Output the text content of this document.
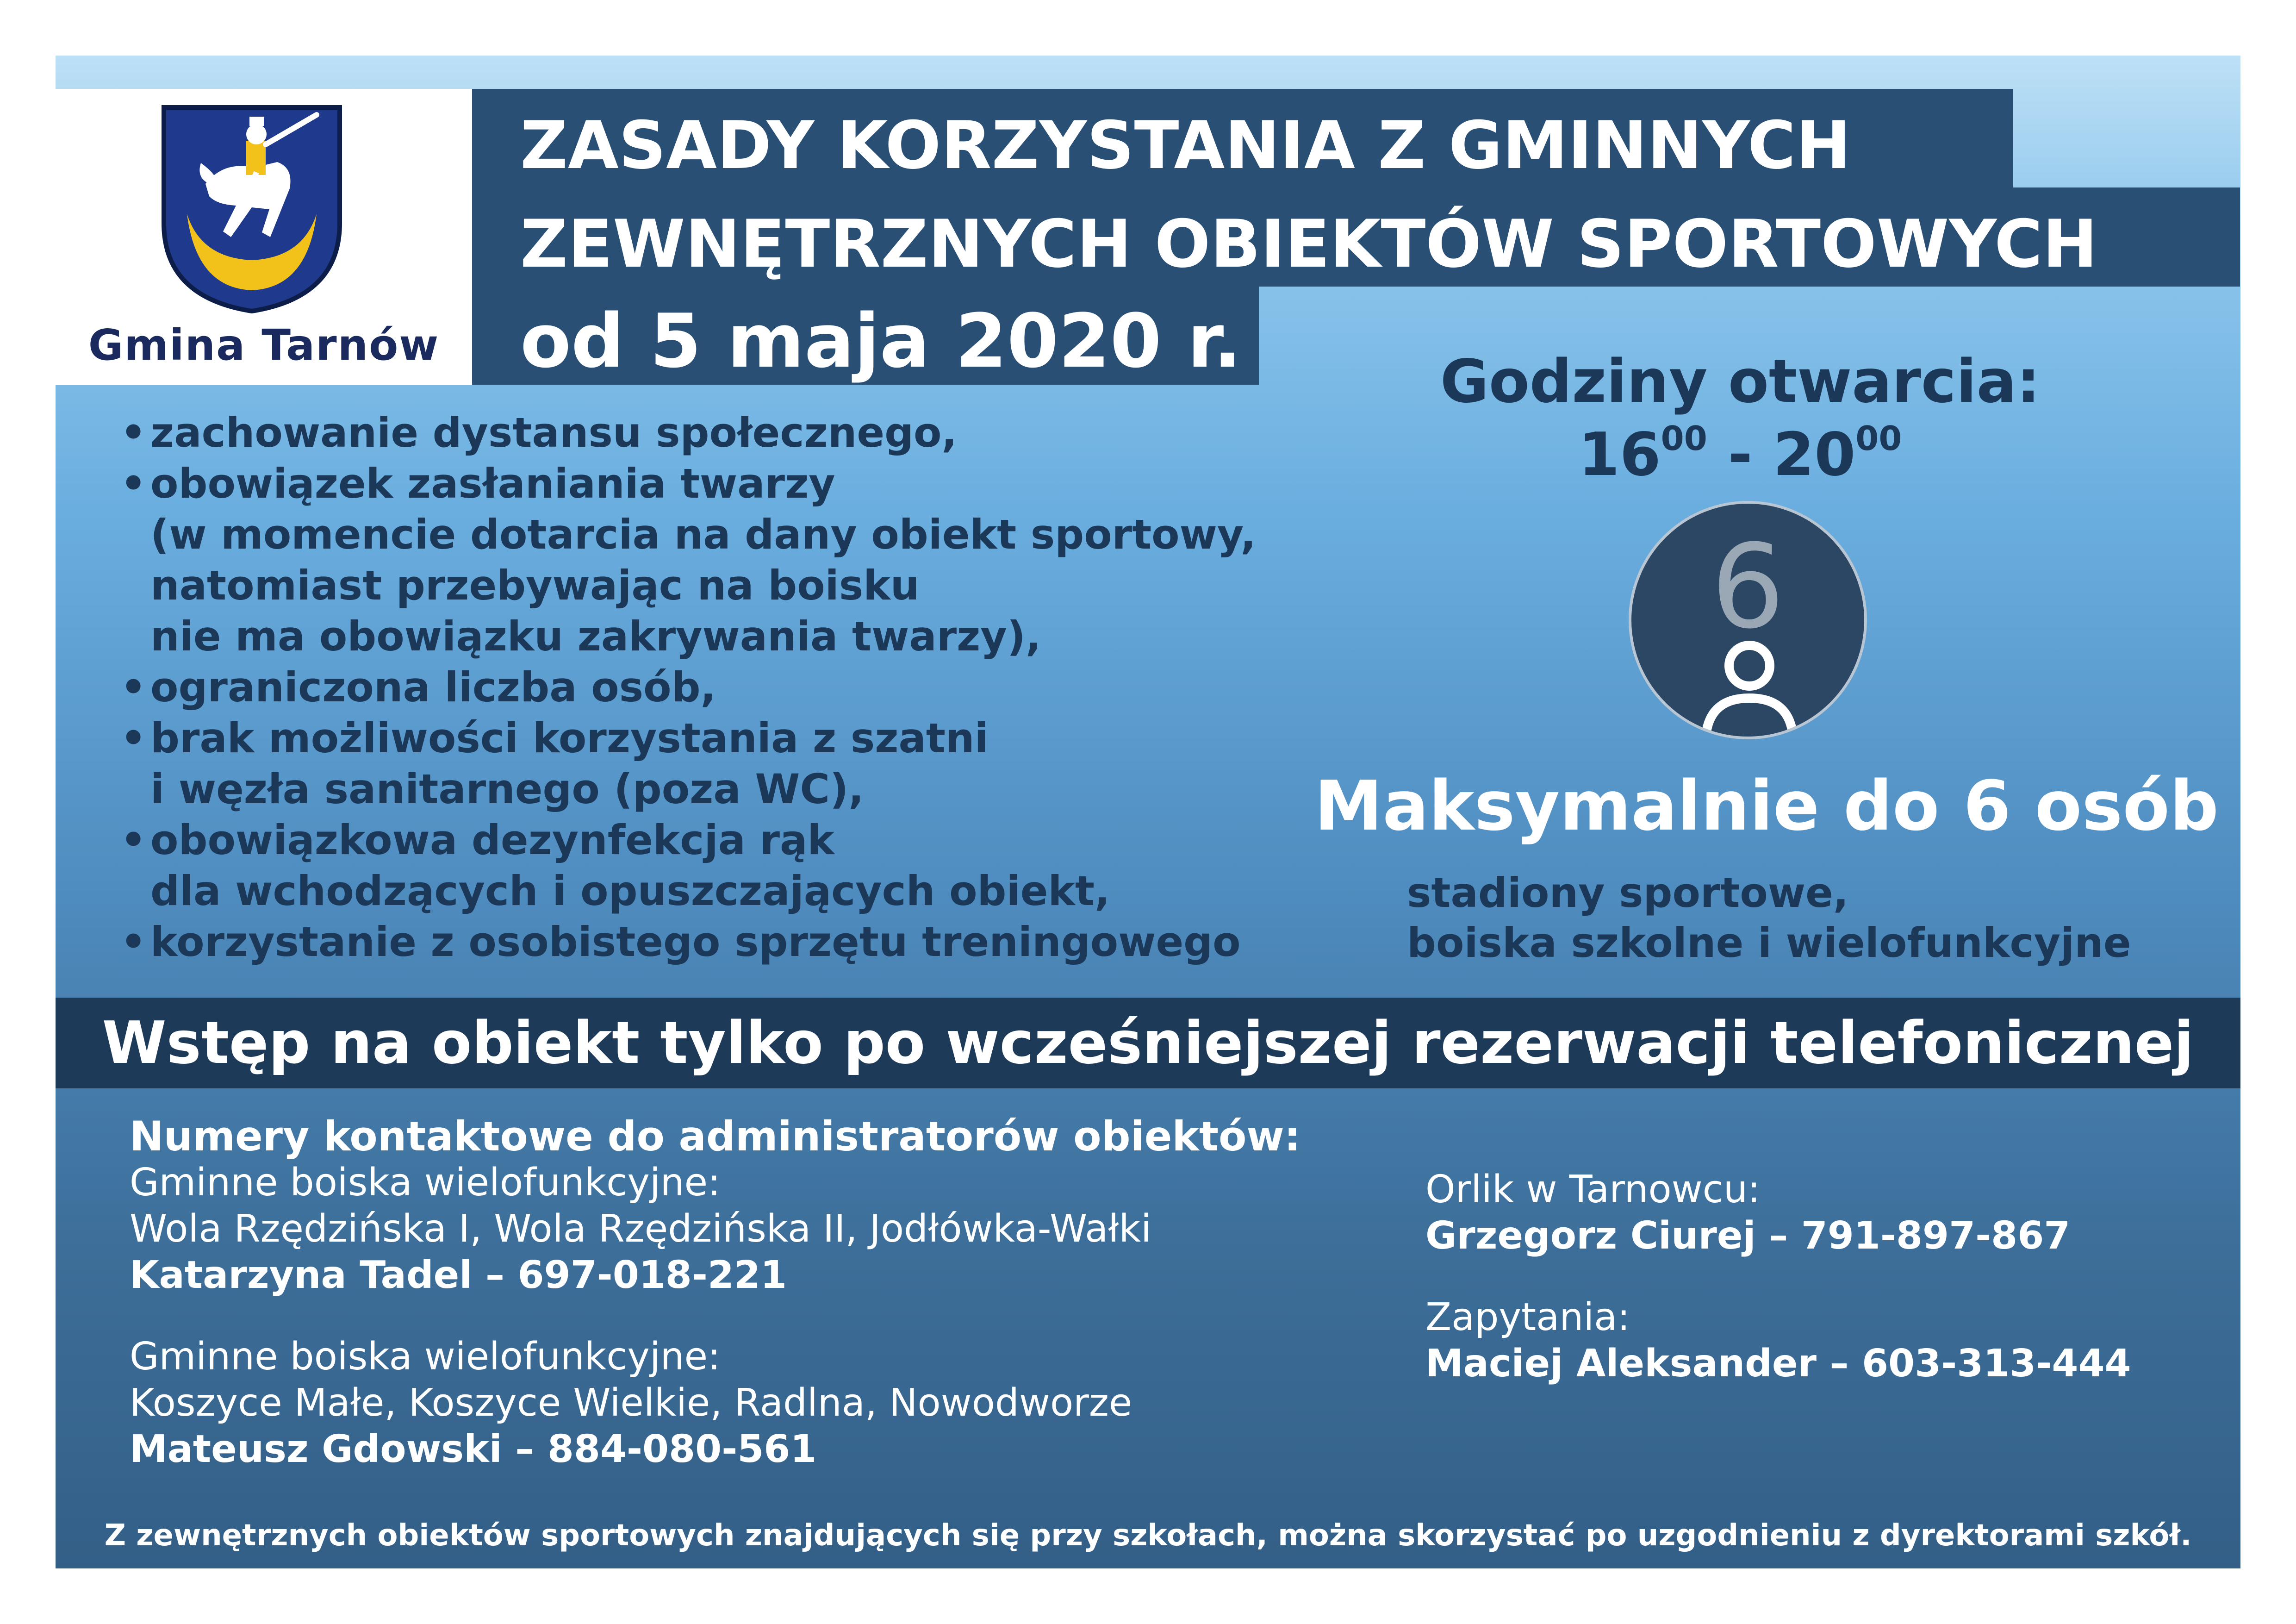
Gmina Tarnów
ZASADY KORZYSTANIA Z GMINNYCH
ZEWNĘTRZNYCH OBIEKTÓW SPORTOWYCH
od 5 maja 2020 r.
• zachowanie dystansu społecznego,
• obowiązek zasłaniania twarzy
(w momencie dotarcia na dany obiekt sportowy,
natomiast przebywając na boisku
nie ma obowiązku zakrywania twarzy),
• ograniczona liczba osób,
• brak możliwości korzystania z szatni
i węzła sanitarnego (poza WC),
• obowiązkowa dezynfekcja rąk
dla wchodzących i opuszczających obiekt,
• korzystanie z osobistego sprzętu treningowego
Godziny otwarcia:
$16^{00} - 20^{00}$
6
Maksymalnie do 6 osób
stadiony sportowe,
boiska szkolne i wielofunkcyjne
Wstęp na obiekt tylko po wcześniejszej rezerwacji telefonicznej
Numery kontaktowe do administratorów obiektów:
Gminne boiska wielofunkcyjne:
Wola Rzędzińska I, Wola Rzędzińska II, Jodłówka-Wałki
Katarzyna Tadel – 697-018-221
Gminne boiska wielofunkcyjne:
Koszyce Małe, Koszyce Wielkie, Radlna, Nowodworze
Mateusz Gdowski – 884-080-561
Orlik w Tarnowcu:
Grzegorz Ciurej – 791-897-867
Zapytania:
Maciej Aleksander – 603-313-444
Z zewnętrznych obiektów sportowych znajdujących się przy szkołach, można skorzystać po uzgodnieniu z dyrektorami szkół.
